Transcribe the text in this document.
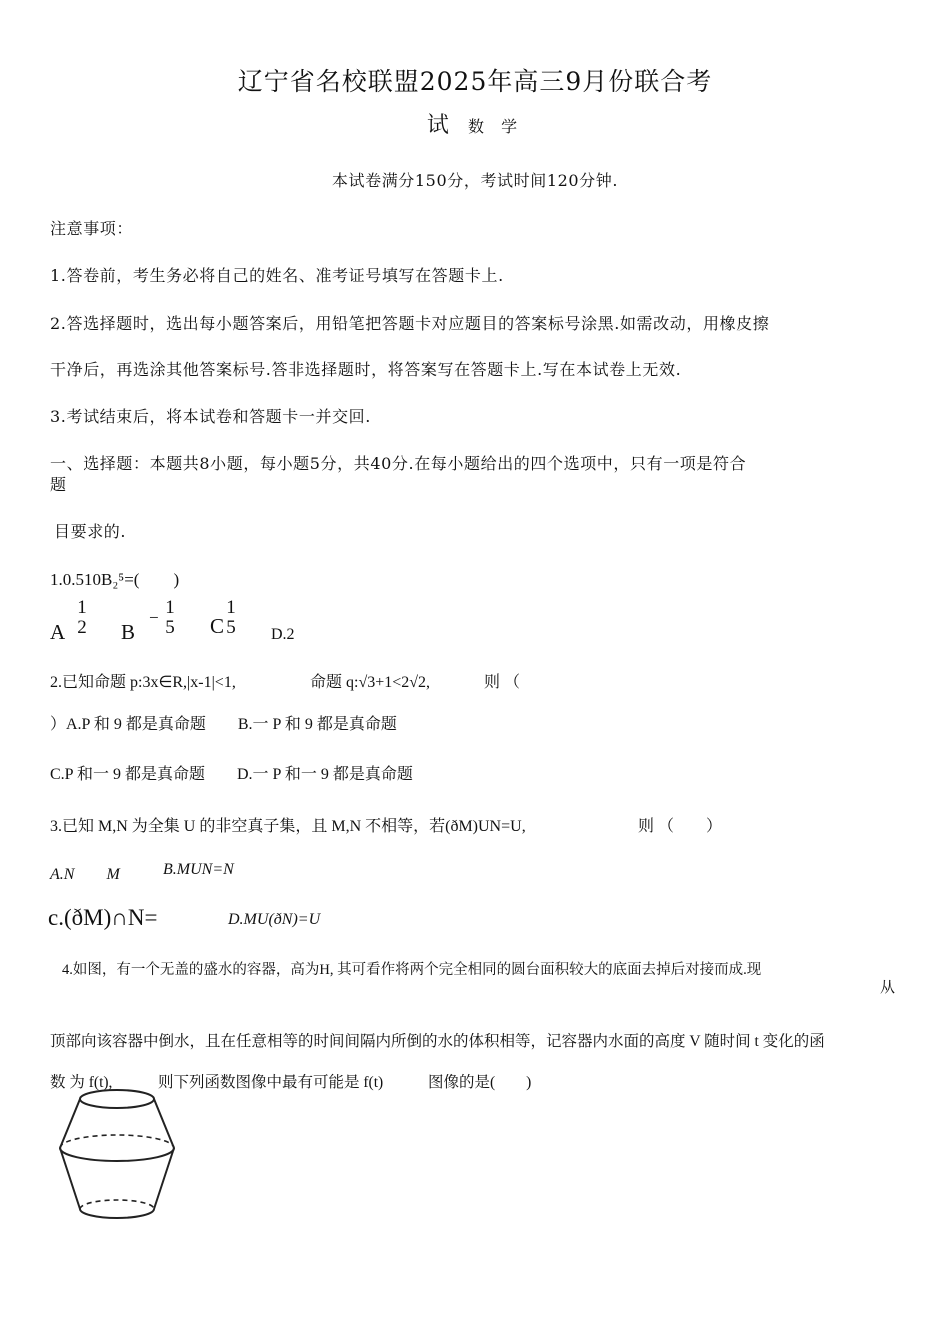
辽宁省名校联盟2025年高三9月份联合考
试 数 学
本试卷满分150分，考试时间120分钟.
注意事项：
1.答卷前，考生务必将自己的姓名、准考证号填写在答题卡上.
2.答选择题时，选出每小题答案后，用铅笔把答题卡对应题目的答案标号涂黑.如需改动，用橡皮擦
干净后，再选涂其他答案标号.答非选择题时，将答案写在答题卡上.写在本试卷上无效.
3.考试结束后，将本试卷和答题卡一并交回.
一、选择题：本题共8小题，每小题5分，共40分.在每小题给出的四个选项中，只有一项是符合
题
目要求的.
1.0.510B₂⁵=(　　)
A
1
2 B
− 1
5 C
1
5 D.2
2.已知命题 p:3x∈R,|x-1|<1,	命题 q:√3+1<2√2,	则 （
）A.P 和 9 都是真命题　　B.一 P 和 9 都是真命题
C.P 和一 9 都是真命题　　D.一 P 和一 9 都是真命题
3.已知 M,N 为全集 U 的非空真子集，且 M,N 不相等，若(ðM)UN=U,	则 （　　）
A.N　　M	B.MUN=N
c.(ðM)∩N=	D.MU(ðN)=U
4.如图，有一个无盖的盛水的容器，高为H, 其可看作将两个完全相同的圆台面积较大的底面去掉后对接而成.现
从
顶部向该容器中倒水，且在任意相等的时间间隔内所倒的水的体积相等，记容器内水面的高度 V 随时间 t 变化的函
数 为 f(t),	则下列函数图像中最有可能是 f(t)	图像的是(　　)
